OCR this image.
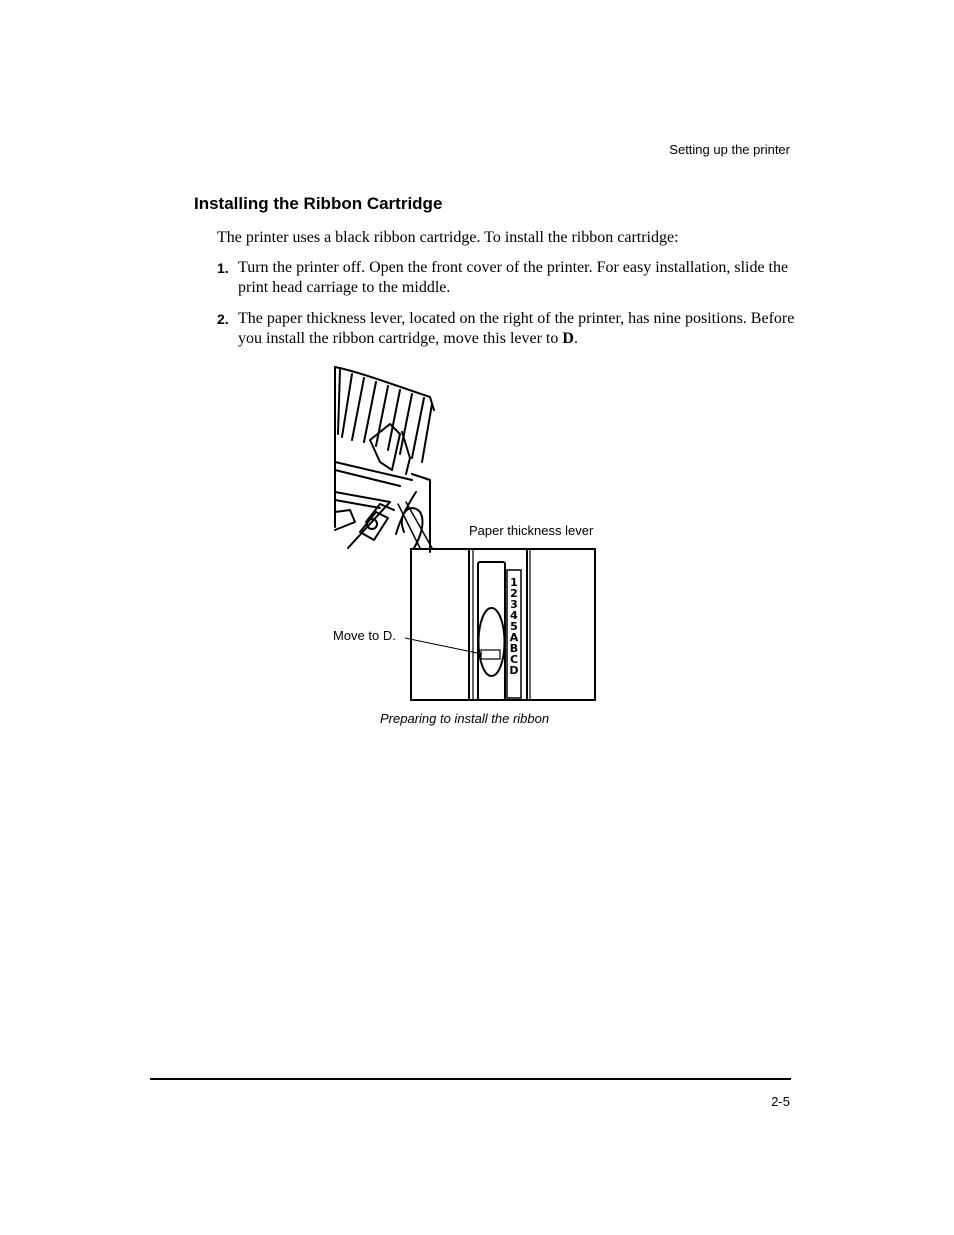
Setting up the printer
Installing the Ribbon Cartridge

The printer uses a black ribbon cartridge. To install the ribbon cartridge:

1. Turn the printer off. Open the front cover of the printer. For easy installation, slide the print head carriage to the middle.
2. The paper thickness lever, located on the right of the printer, has nine positions. Before you install the ribbon cartridge, move this lever to D.
1
2
3
4
5
A
B
C
D
Paper thickness lever
Move to D.
Preparing to install the ribbon
2-5
